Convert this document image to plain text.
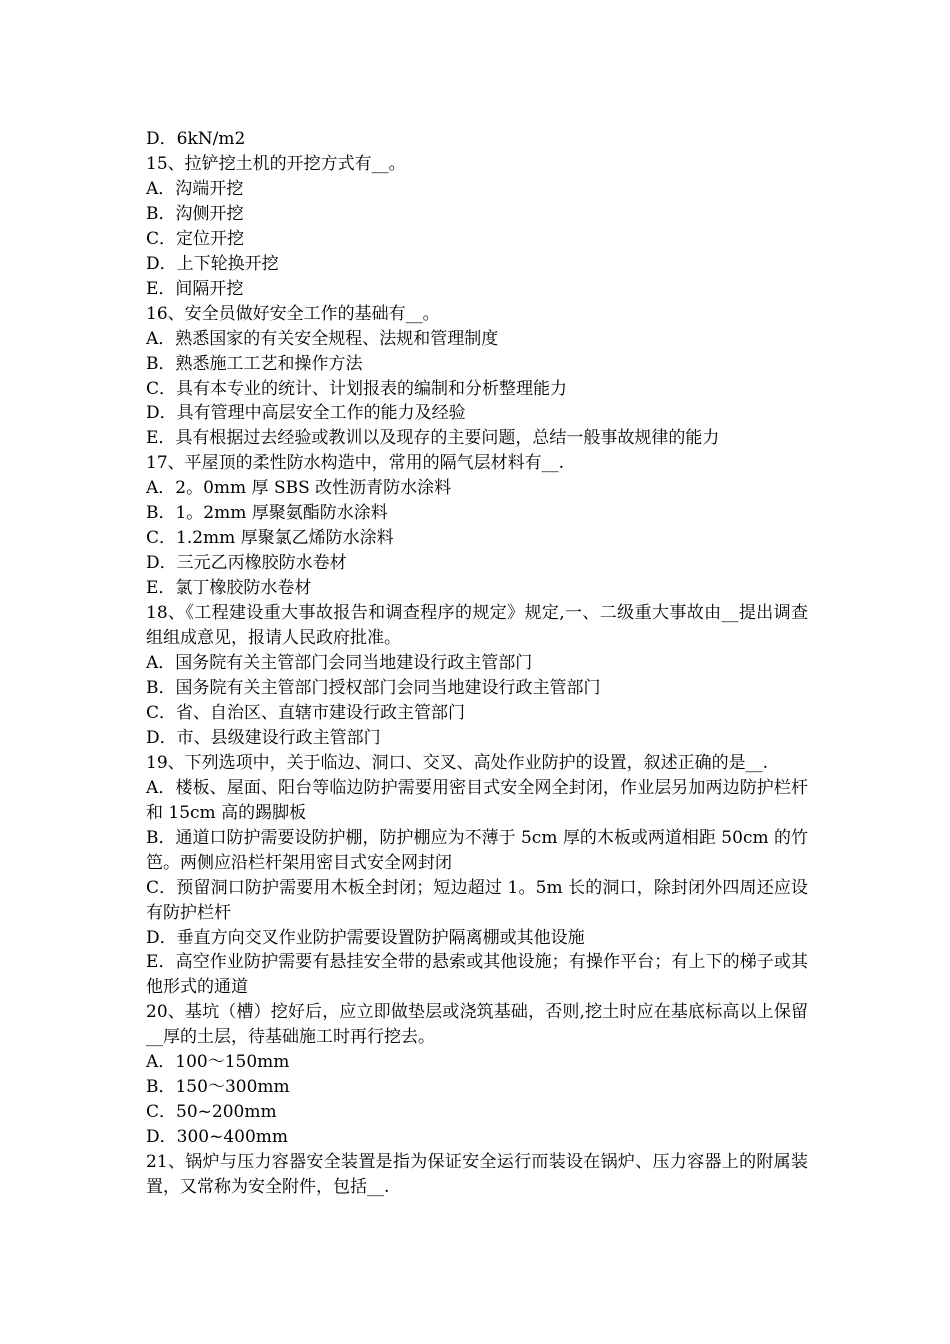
D．6kN/m2
15、拉铲挖土机的开挖方式有__。
A．沟端开挖
B．沟侧开挖
C．定位开挖
D．上下轮换开挖
E．间隔开挖
16、安全员做好安全工作的基础有__。
A．熟悉国家的有关安全规程、法规和管理制度
B．熟悉施工工艺和操作方法
C．具有本专业的统计、计划报表的编制和分析整理能力
D．具有管理中高层安全工作的能力及经验
E．具有根据过去经验或教训以及现存的主要问题，总结一般事故规律的能力
17、平屋顶的柔性防水构造中，常用的隔气层材料有__.
A．2。0mm 厚 SBS 改性沥青防水涂料
B．1。2mm 厚聚氨酯防水涂料
C．1.2mm 厚聚氯乙烯防水涂料
D．三元乙丙橡胶防水卷材
E．氯丁橡胶防水卷材
18、《工程建设重大事故报告和调查程序的规定》规定,一、二级重大事故由__提出调查组组成意见，报请人民政府批准。
A．国务院有关主管部门会同当地建设行政主管部门
B．国务院有关主管部门授权部门会同当地建设行政主管部门
C．省、自治区、直辖市建设行政主管部门
D．市、县级建设行政主管部门
19、下列选项中，关于临边、洞口、交叉、高处作业防护的设置，叙述正确的是__.
A．楼板、屋面、阳台等临边防护需要用密目式安全网全封闭，作业层另加两边防护栏杆和 15cm 高的踢脚板
B．通道口防护需要设防护棚，防护棚应为不薄于 5cm 厚的木板或两道相距 50cm 的竹笆。两侧应沿栏杆架用密目式安全网封闭
C．预留洞口防护需要用木板全封闭；短边超过 1。5m 长的洞口，除封闭外四周还应设有防护栏杆
D．垂直方向交叉作业防护需要设置防护隔离棚或其他设施
E．高空作业防护需要有悬挂安全带的悬索或其他设施；有操作平台；有上下的梯子或其他形式的通道
20、基坑（槽）挖好后，应立即做垫层或浇筑基础，否则,挖土时应在基底标高以上保留__厚的土层，待基础施工时再行挖去。
A．100～150mm
B．150～300mm
C．50~200mm
D．300~400mm
21、锅炉与压力容器安全装置是指为保证安全运行而装设在锅炉、压力容器上的附属装置，又常称为安全附件，包括__.
